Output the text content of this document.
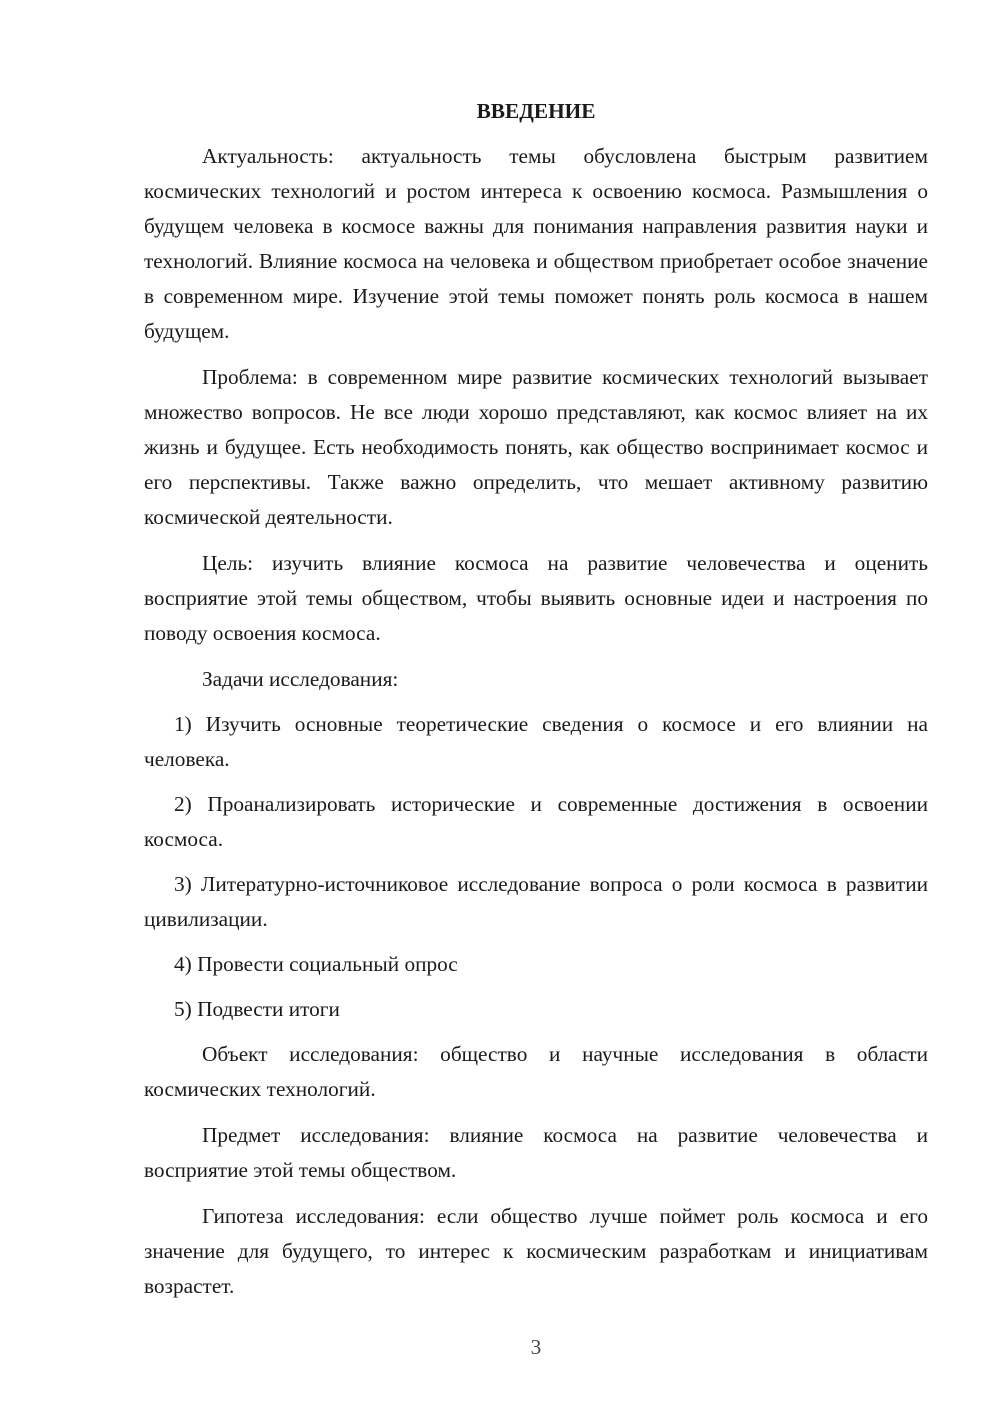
ВВЕДЕНИЕ

Актуальность: актуальность темы обусловлена быстрым развитием космических технологий и ростом интереса к освоению космоса. Размышления о будущем человека в космосе важны для понимания направления развития науки и технологий. Влияние космоса на человека и обществом приобретает особое значение в современном мире. Изучение этой темы поможет понять роль космоса в нашем будущем.

Проблема: в современном мире развитие космических технологий вызывает множество вопросов. Не все люди хорошо представляют, как космос влияет на их жизнь и будущее. Есть необходимость понять, как общество воспринимает космос и его перспективы. Также важно определить, что мешает активному развитию космической деятельности.

Цель: изучить влияние космоса на развитие человечества и оценить восприятие этой темы обществом, чтобы выявить основные идеи и настроения по поводу освоения космоса.

Задачи исследования:

1) Изучить основные теоретические сведения о космосе и его влиянии на человека.

2) Проанализировать исторические и современные достижения в освоении космоса.

3) Литературно-источниковое исследование вопроса о роли космоса в развитии цивилизации.

4) Провести социальный опрос

5) Подвести итоги

Объект исследования: общество и научные исследования в области космических технологий.

Предмет исследования: влияние космоса на развитие человечества и восприятие этой темы обществом.

Гипотеза исследования: если общество лучше поймет роль космоса и его значение для будущего, то интерес к космическим разработкам и инициативам возрастет.

3
